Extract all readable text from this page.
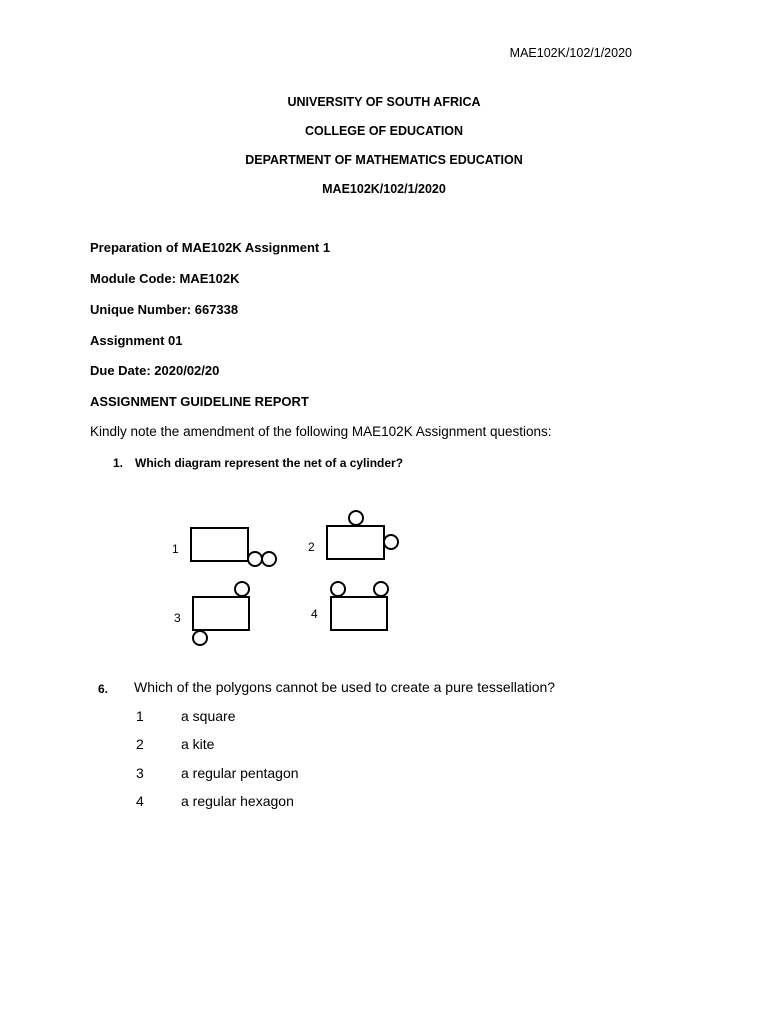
MAE102K/102/1/2020
UNIVERSITY OF SOUTH AFRICA
COLLEGE OF EDUCATION
DEPARTMENT OF MATHEMATICS EDUCATION
MAE102K/102/1/2020
Preparation of MAE102K Assignment 1
Module Code: MAE102K
Unique Number: 667338
Assignment 01
Due Date: 2020/02/20
ASSIGNMENT GUIDELINE REPORT
Kindly note the amendment of the following MAE102K Assignment questions:
1. Which diagram represent the net of a cylinder?
1	2
3	4
6. Which of the polygons cannot be used to create a pure tessellation?
1	a square
2	a kite
3	a regular pentagon
4	a regular hexagon
